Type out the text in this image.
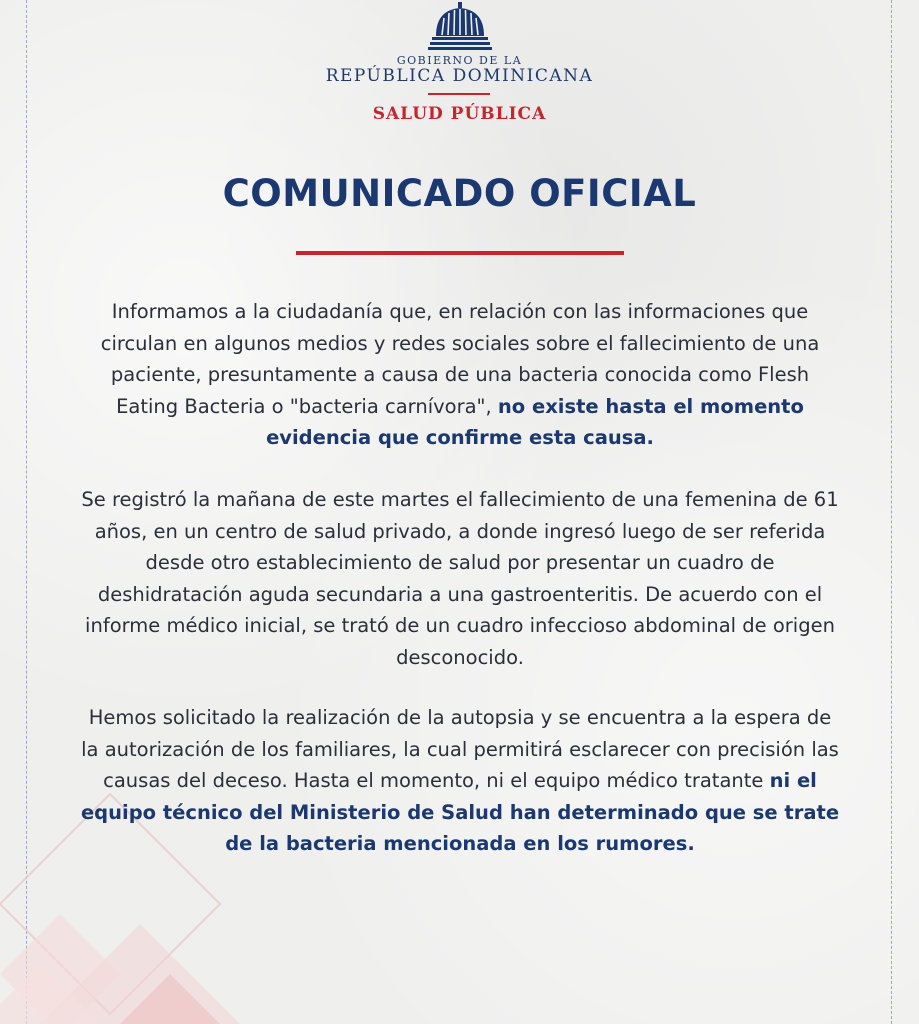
GOBIERNO DE LA
REPÚBLICA DOMINICANA
SALUD PÚBLICA
COMUNICADO OFICIAL
Informamos a la ciudadanía que, en relación con las informaciones que circulan en algunos medios y redes sociales sobre el fallecimiento de una paciente, presuntamente a causa de una bacteria conocida como Flesh Eating Bacteria o "bacteria carnívora", no existe hasta el momento evidencia que confirme esta causa.
Se registró la mañana de este martes el fallecimiento de una femenina de 61 años, en un centro de salud privado, a donde ingresó luego de ser referida desde otro establecimiento de salud por presentar un cuadro de deshidratación aguda secundaria a una gastroenteritis. De acuerdo con el informe médico inicial, se trató de un cuadro infeccioso abdominal de origen desconocido.
Hemos solicitado la realización de la autopsia y se encuentra a la espera de la autorización de los familiares, la cual permitirá esclarecer con precisión las causas del deceso. Hasta el momento, ni el equipo médico tratante ni el equipo técnico del Ministerio de Salud han determinado que se trate de la bacteria mencionada en los rumores.
